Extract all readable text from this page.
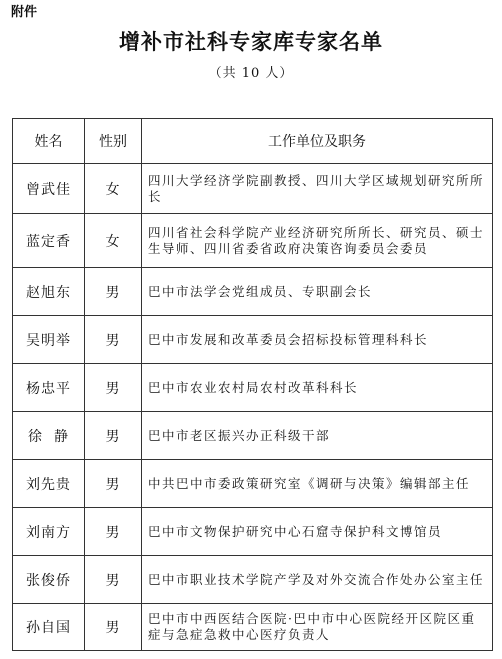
附件
增补市社科专家库专家名单
（共 10 人）
姓名	性别	工作单位及职务
曾武佳	女	四川大学经济学院副教授、四川大学区域规划研究所所长
蓝定香	女	四川省社会科学院产业经济研究所所长、研究员、硕士生导师、四川省委省政府决策咨询委员会委员
赵旭东	男	巴中市法学会党组成员、专职副会长
吴明举	男	巴中市发展和改革委员会招标投标管理科科长
杨忠平	男	巴中市农业农村局农村改革科科长
徐  静	男	巴中市老区振兴办正科级干部
刘先贵	男	中共巴中市委政策研究室《调研与决策》编辑部主任
刘南方	男	巴中市文物保护研究中心石窟寺保护科文博馆员
张俊侨	男	巴中市职业技术学院产学及对外交流合作处办公室主任
孙自国	男	巴中市中西医结合医院·巴中市中心医院经开区院区重症与急症急救中心医疗负责人
